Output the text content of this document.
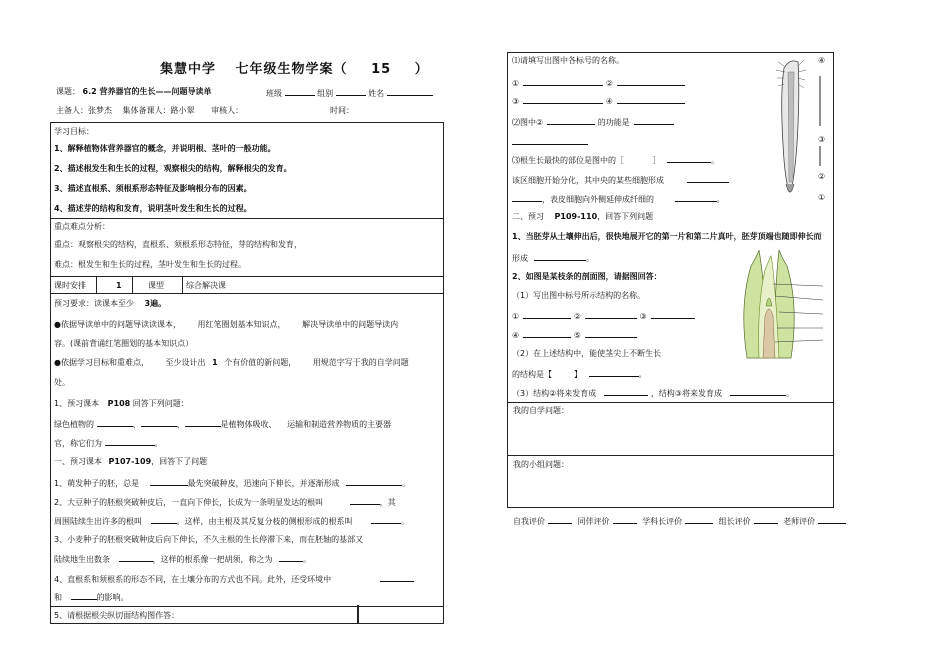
集慧中学 七年级生物学案（ 15 ）
课题： 6.2 营养器官的生长——问题导读单	班级	组别	姓名
主备人：张梦杰 集体备课人：路小翠 审核人：	时间：
学习目标：
1、解释植物体营养器官的概念，并说明根、茎叶的一般功能。
2、描述根发生和生长的过程，观察根尖的结构，解释根尖的发育。
3、描述直根系、须根系形态特征及影响根分布的因素。
4、描述芽的结构和发育，说明茎叶发生和生长的过程。
重点难点分析：
重点：观察根尖的结构，直根系、须根系形态特征，芽的结构和发育，
难点：根发生和生长的过程，茎叶发生和生长的过程。
课时安排	1	课型	综合解决课
预习要求：读课本至少 3遍。
●依据导读单中的问题导读读课本， 用红笔圈划基本知识点， 解决导读单中的问题导读内
容。(课前背诵红笔圈划的基本知识点）
●依据学习目标和重难点， 至少设计出 1 个有价值的新问题， 用规范字写于我的自学问题
处。
1、预习课本 P108 回答下列问题：
绿色植物的	、	、	是植物体吸收、 运输和制造营养物质的主要器
官，称它们为	。
一、预习课本 P107-109，回答下了问题
1、萌发种子的胚，总是	最先突破种皮，迅速向下伸长，并逐渐形成	。
2、大豆种子的胚根突破种皮后，一直向下伸长，长成为一条明显发达的根叫	，其
周围陆续生出许多的根叫	。这样，由主根及其反复分枝的侧根形成的根系叫	。
3、小麦种子的胚根突破种皮后向下伸长，不久主根的生长停滞下来，而在胚轴的基部又
陆续地生出数条	，这样的根系像一把胡须，称之为	。
4、直根系和须根系的形态不同，在土壤分布的方式也不同。此外，还受环境中
和	的影响。
5、请根据根尖纵切面结构图作答：
⑴请填写出图中各标号的名称。
①	②
③	④
⑵图中②	的功能是
⑶根生长最快的部位是图中的［	］	。
该区细胞开始分化，其中央的某些细胞形成
，表皮细胞向外侧延伸成纤细的	。
④
③
②
①
二、预习 P109-110，回答下列问题
1、当胚芽从土壤伸出后，很快地展开它的第一片和第二片真叶，胚芽顶端也随即伸长而
形成	。
2、如图是某枝条的剖面图，请据图回答：
（1）写出图中标号所示结构的名称。
①	②	③
④	⑤
（2）在上述结构中，能使茎尖上不断生长
的结构是【	】	。
（3）结构②将来发育成	，结构③将来发育成	。
我的自学问题：
我的小组问题：
自我评价	同伴评价	学科长评价	组长评价	老师评价
